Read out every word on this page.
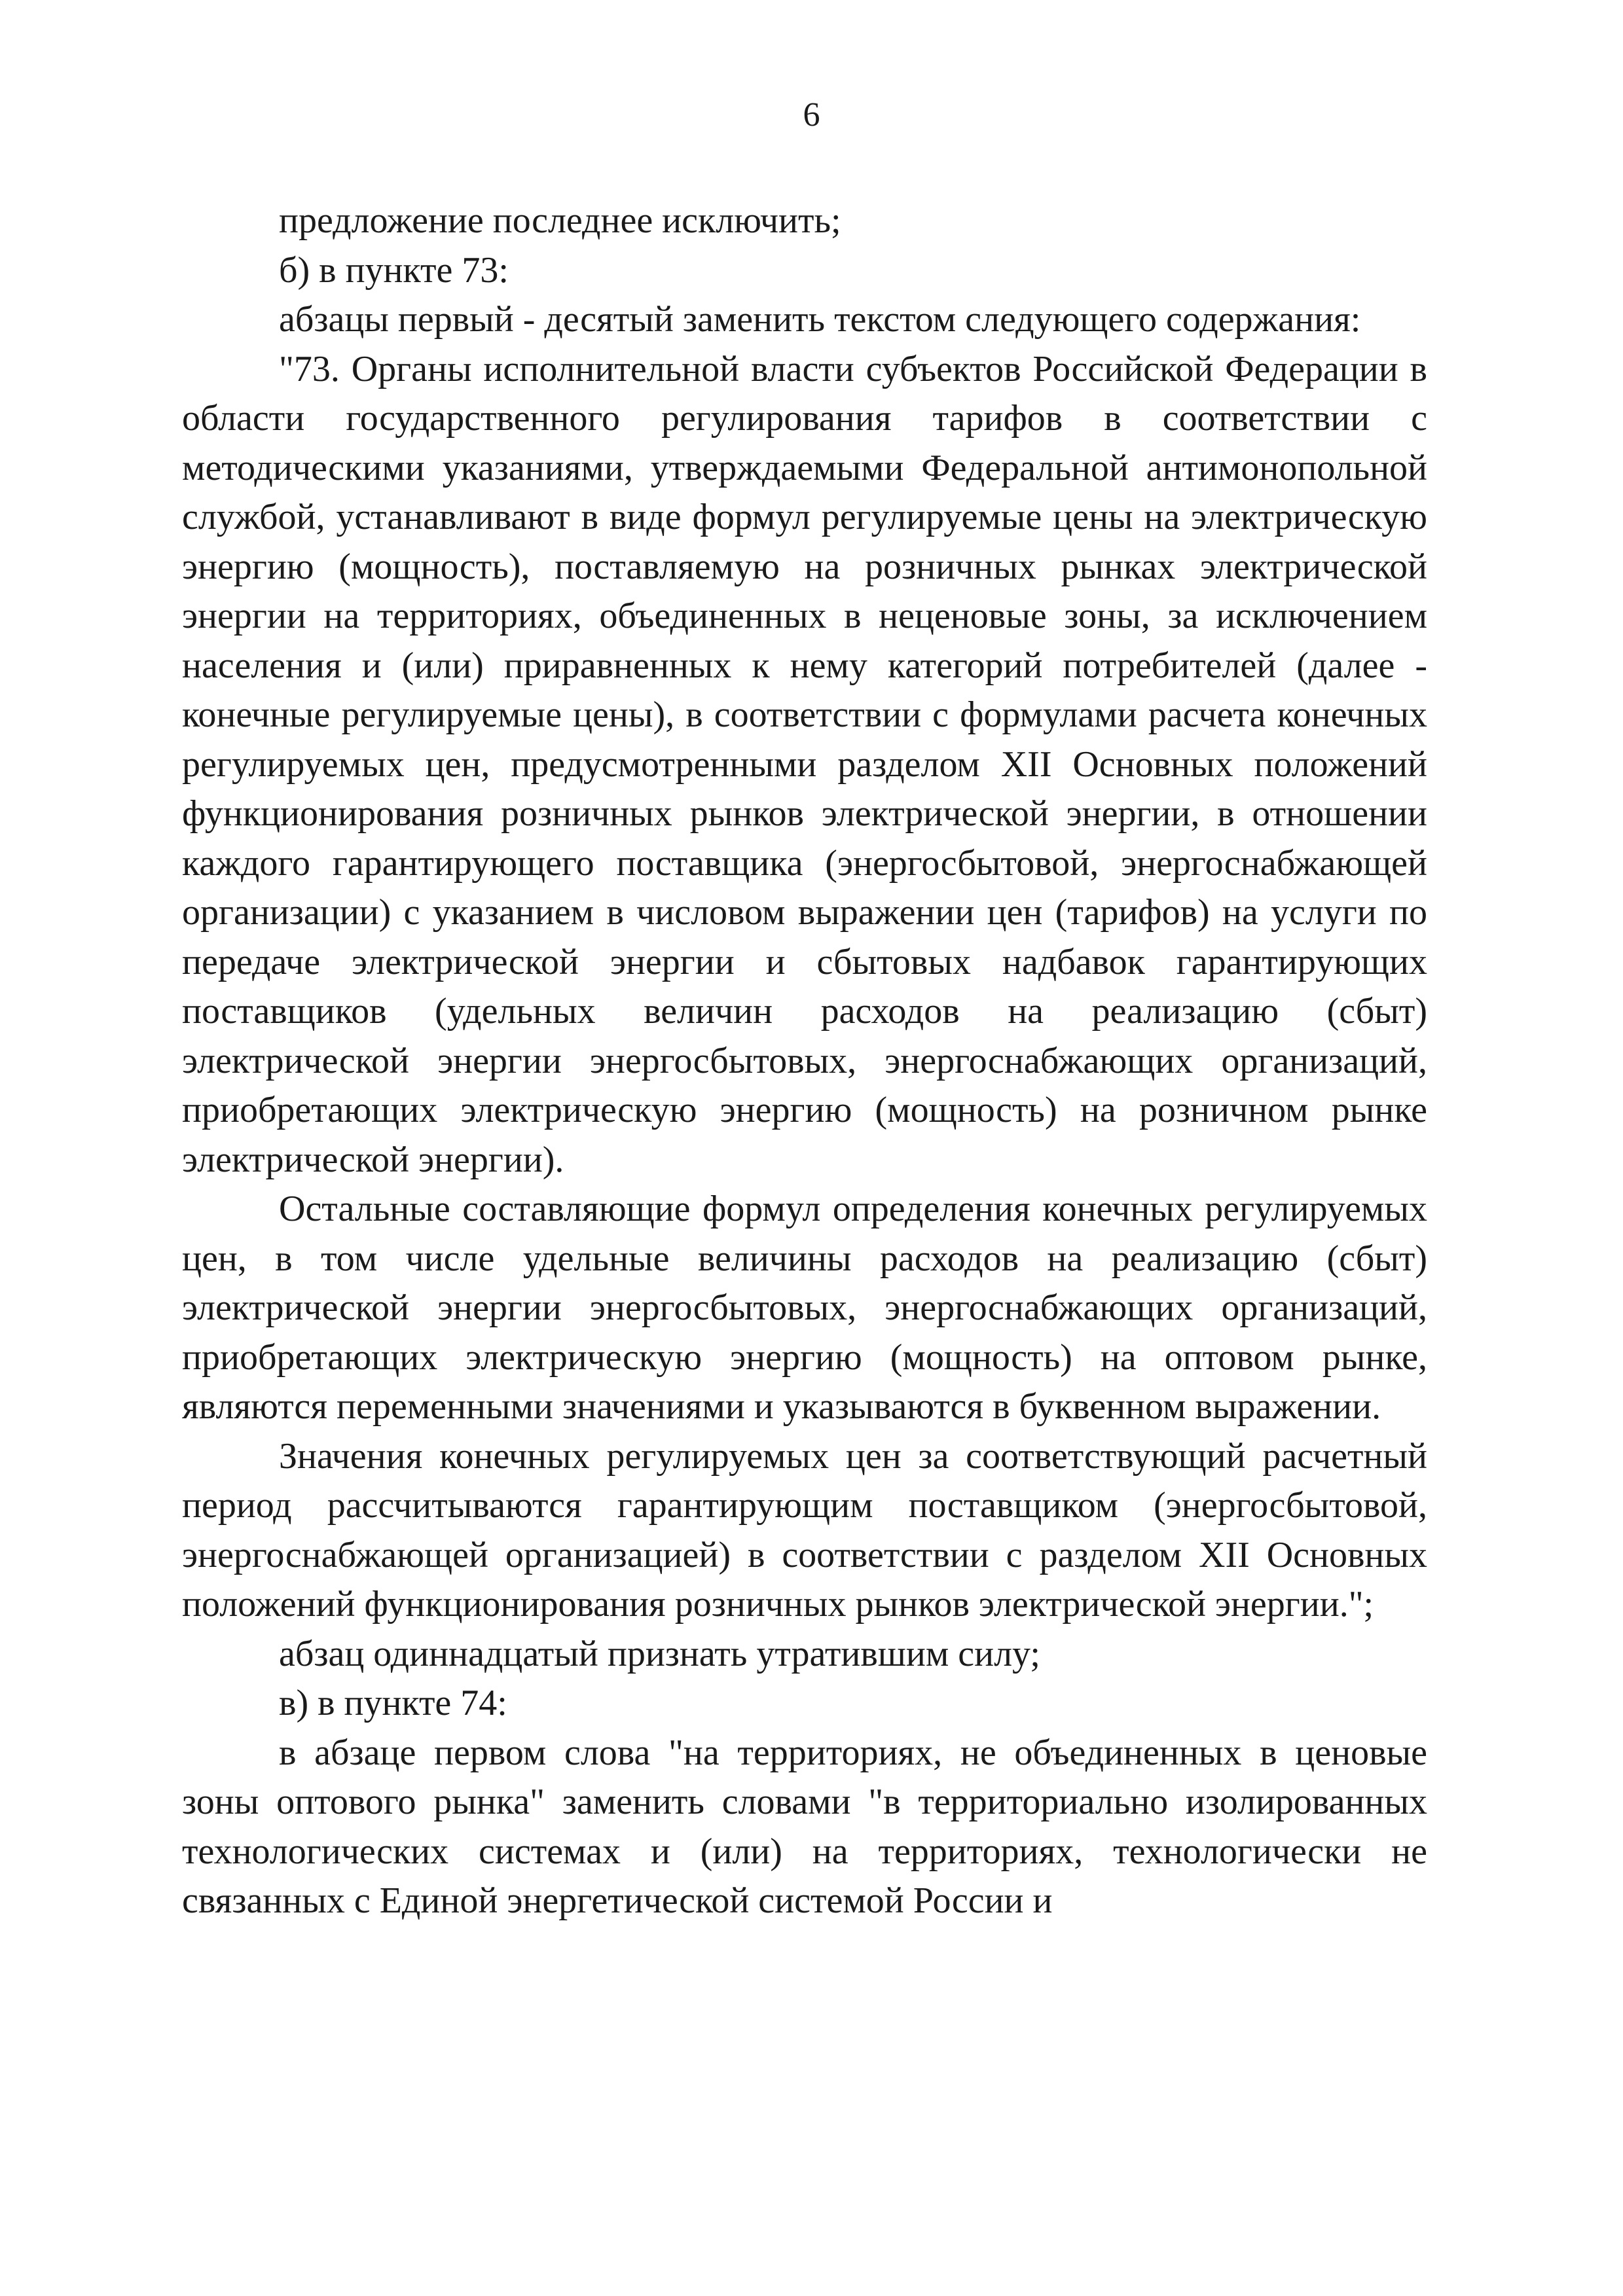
6

предложение последнее исключить;

б) в пункте 73:

абзацы первый - десятый заменить текстом следующего содержания:

"73. Органы исполнительной власти субъектов Российской Федерации в области государственного регулирования тарифов в соответствии с методическими указаниями, утверждаемыми Федеральной антимонопольной службой, устанавливают в виде формул регулируемые цены на электрическую энергию (мощность), поставляемую на розничных рынках электрической энергии на территориях, объединенных в неценовые зоны, за исключением населения и (или) приравненных к нему категорий потребителей (далее - конечные регулируемые цены), в соответствии с формулами расчета конечных регулируемых цен, предусмотренными разделом XII Основных положений функционирования розничных рынков электрической энергии, в отношении каждого гарантирующего поставщика (энергосбытовой, энергоснабжающей организации) с указанием в числовом выражении цен (тарифов) на услуги по передаче электрической энергии и сбытовых надбавок гарантирующих поставщиков (удельных величин расходов на реализацию (сбыт) электрической энергии энергосбытовых, энергоснабжающих организаций, приобретающих электрическую энергию (мощность) на розничном рынке электрической энергии).

Остальные составляющие формул определения конечных регулируемых цен, в том числе удельные величины расходов на реализацию (сбыт) электрической энергии энергосбытовых, энергоснабжающих организаций, приобретающих электрическую энергию (мощность) на оптовом рынке, являются переменными значениями и указываются в буквенном выражении.

Значения конечных регулируемых цен за соответствующий расчетный период рассчитываются гарантирующим поставщиком (энергосбытовой, энергоснабжающей организацией) в соответствии с разделом XII Основных положений функционирования розничных рынков электрической энергии.";

абзац одиннадцатый признать утратившим силу;

в) в пункте 74:

в абзаце первом слова "на территориях, не объединенных в ценовые зоны оптового рынка" заменить словами "в территориально изолированных технологических системах и (или) на территориях, технологически не связанных с Единой энергетической системой России и
